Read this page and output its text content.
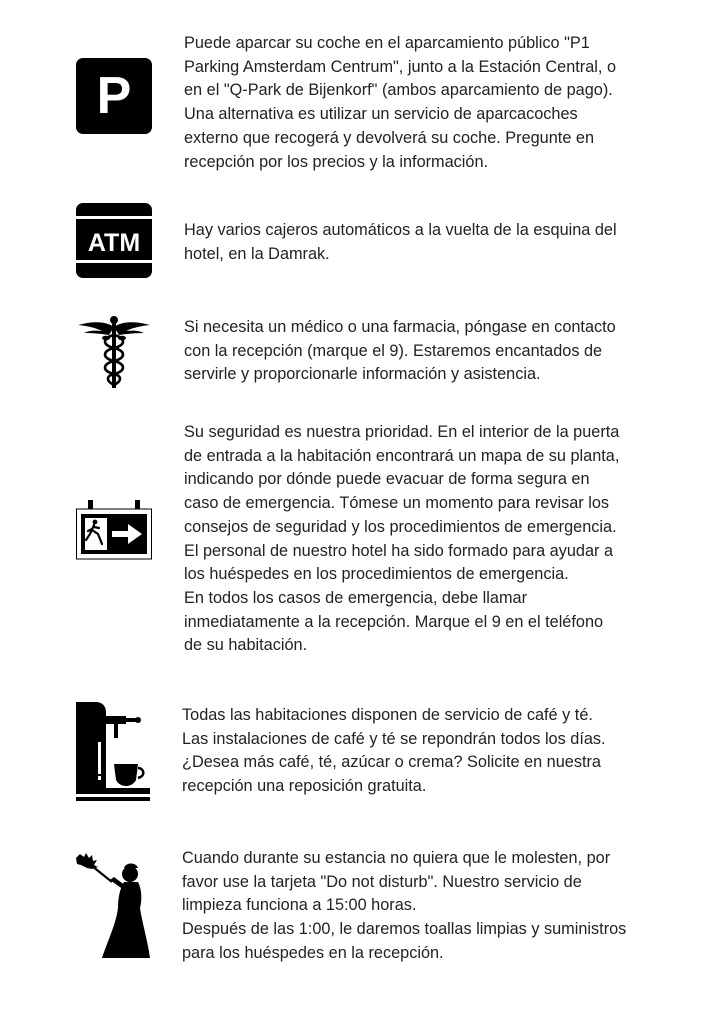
P

Puede aparcar su coche en el aparcamiento público "P1
Parking Amsterdam Centrum", junto a la Estación Central, o
en el "Q-Park de Bijenkorf" (ambos aparcamiento de pago).
Una alternativa es utilizar un servicio de aparcacoches
externo que recogerá y devolverá su coche. Pregunte en
recepción por los precios y la información.

ATM	Hay varios cajeros automáticos a la vuelta de la esquina del
hotel, en la Damrak.

Si necesita un médico o una farmacia, póngase en contacto
con la recepción (marque el 9). Estaremos encantados de
servirle y proporcionarle información y asistencia.

Su seguridad es nuestra prioridad. En el interior de la puerta
de entrada a la habitación encontrará un mapa de su planta,
indicando por dónde puede evacuar de forma segura en
caso de emergencia. Tómese un momento para revisar los
consejos de seguridad y los procedimientos de emergencia.
El personal de nuestro hotel ha sido formado para ayudar a
los huéspedes en los procedimientos de emergencia.
En todos los casos de emergencia, debe llamar
inmediatamente a la recepción. Marque el 9 en el teléfono
de su habitación.

Todas las habitaciones disponen de servicio de café y té.
Las instalaciones de café y té se repondrán todos los días.
¿Desea más café, té, azúcar o crema? Solicite en nuestra
recepción una reposición gratuita.

Cuando durante su estancia no quiera que le molesten, por
favor use la tarjeta "Do not disturb". Nuestro servicio de
limpieza funciona a 15:00 horas.
Después de las 1:00, le daremos toallas limpias y suministros
para los huéspedes en la recepción.
